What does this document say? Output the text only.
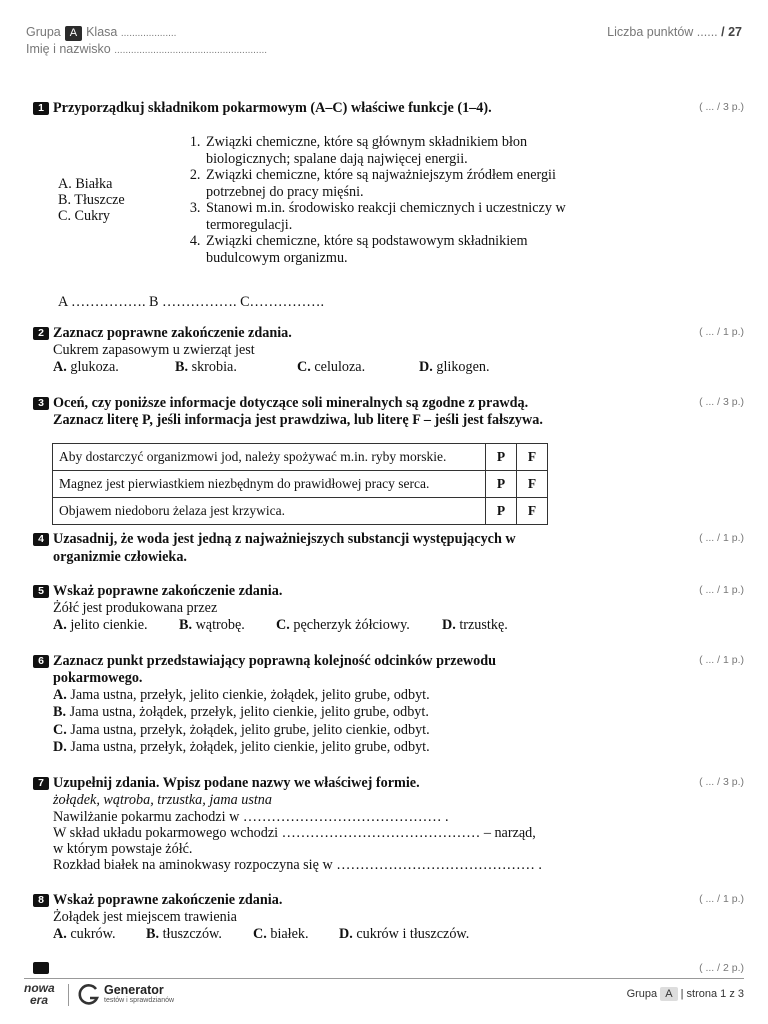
Grupa A Klasa ....................
Imię i nazwisko .......................................................
Liczba punktów ...... / 27
1 Przyporządkuj składnikom pokarmowym (A–C) właściwe funkcje (1–4).	( ... / 3 p.)
A. Białka
B. Tłuszcze
C. Cukry
1. Związki chemiczne, które są głównym składnikiem błon biologicznych; spalane dają najwięcej energii.
2. Związki chemiczne, które są najważniejszym źródłem energii potrzebnej do pracy mięśni.
3. Stanowi m.in. środowisko reakcji chemicznych i uczestniczy w termoregulacji.
4. Związki chemiczne, które są podstawowym składnikiem budulcowym organizmu.
A ……………. B ……………. C…………….
2 Zaznacz poprawne zakończenie zdania.	( ... / 1 p.)
Cukrem zapasowym u zwierząt jest
A. glukoza.	B. skrobia.	C. celuloza.	D. glikogen.
3 Oceń, czy poniższe informacje dotyczące soli mineralnych są zgodne z prawdą.
Zaznacz literę P, jeśli informacja jest prawdziwa, lub literę F – jeśli jest fałszywa.
( ... / 3 p.)
Aby dostarczyć organizmowi jod, należy spożywać m.in. ryby morskie.	P	F
Magnez jest pierwiastkiem niezbędnym do prawidłowej pracy serca.	P	F
Objawem niedoboru żelaza jest krzywica.	P	F
4 Uzasadnij, że woda jest jedną z najważniejszych substancji występujących w
organizmie człowieka.
( ... / 1 p.)
5 Wskaż poprawne zakończenie zdania.	( ... / 1 p.)
Żółć jest produkowana przez
A. jelito cienkie. B. wątrobę. C. pęcherzyk żółciowy. D. trzustkę.
6 Zaznacz punkt przedstawiający poprawną kolejność odcinków przewodu
pokarmowego.
( ... / 1 p.)
A. Jama ustna, przełyk, jelito cienkie, żołądek, jelito grube, odbyt.
B. Jama ustna, żołądek, przełyk, jelito cienkie, jelito grube, odbyt.
C. Jama ustna, przełyk, żołądek, jelito grube, jelito cienkie, odbyt.
D. Jama ustna, przełyk, żołądek, jelito cienkie, jelito grube, odbyt.
7 Uzupełnij zdania. Wpisz podane nazwy we właściwej formie.	( ... / 3 p.)
żołądek, wątroba, trzustka, jama ustna
Nawilżanie pokarmu zachodzi w …………………………………… .
W skład układu pokarmowego wchodzi …………………………………… – narząd,
w którym powstaje żółć.
Rozkład białek na aminokwasy rozpoczyna się w …………………………………… .
8 Wskaż poprawne zakończenie zdania.	( ... / 1 p.)
Żołądek jest miejscem trawienia
A. cukrów. B. tłuszczów. C. białek. D. cukrów i tłuszczów.
( ... / 2 p.)
nowa
era
Generator
testów i sprawdzianów
Grupa A | strona 1 z 3
